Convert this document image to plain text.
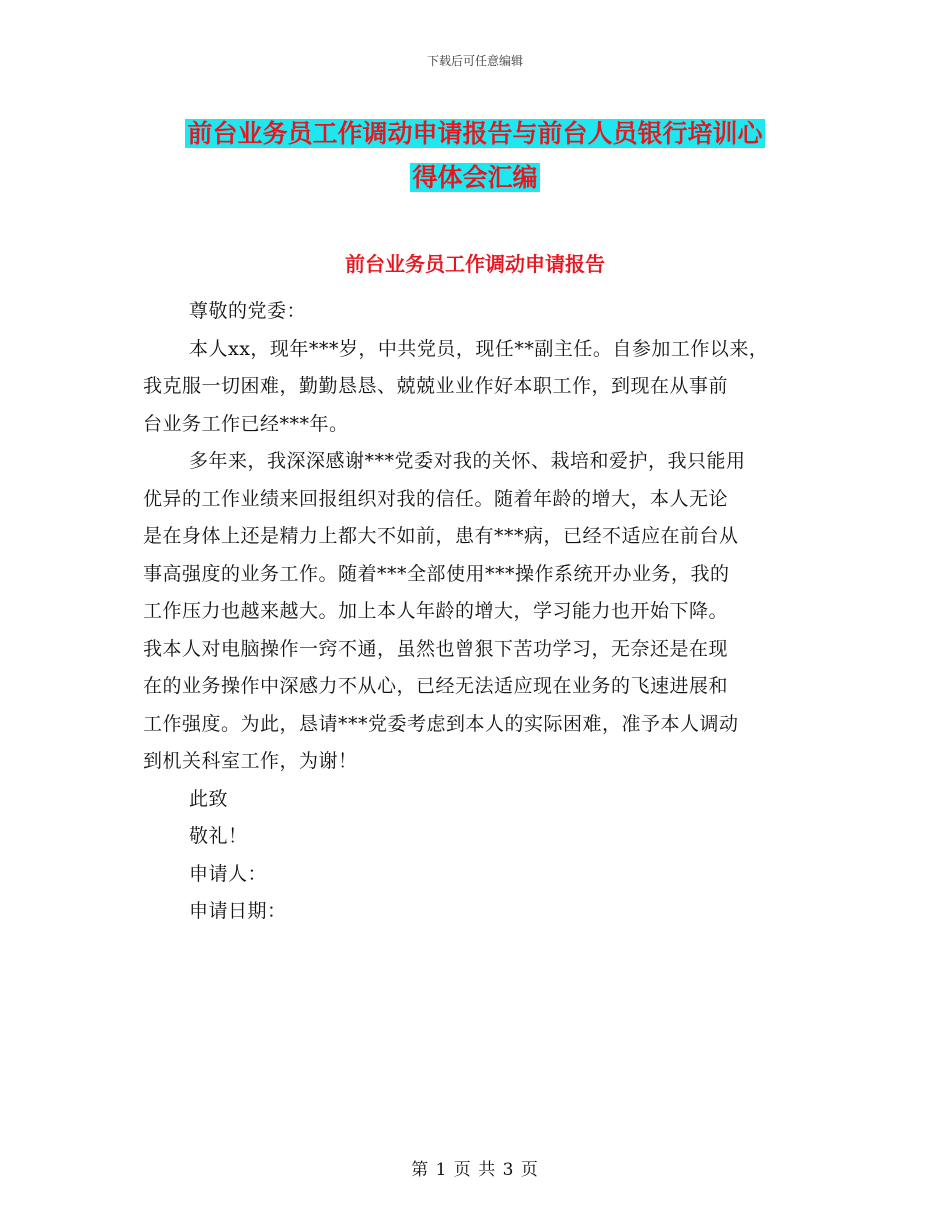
下载后可任意编辑
前台业务员工作调动申请报告与前台人员银行培训心
得体会汇编
前台业务员工作调动申请报告
尊敬的党委：
本人xx，现年***岁，中共党员，现任**副主任。自参加工作以来，
我克服一切困难，勤勤恳恳、兢兢业业作好本职工作，到现在从事前
台业务工作已经***年。
多年来，我深深感谢***党委对我的关怀、栽培和爱护，我只能用
优异的工作业绩来回报组织对我的信任。随着年龄的增大，本人无论
是在身体上还是精力上都大不如前，患有***病，已经不适应在前台从
事高强度的业务工作。随着***全部使用***操作系统开办业务，我的
工作压力也越来越大。加上本人年龄的增大，学习能力也开始下降。
我本人对电脑操作一窍不通，虽然也曾狠下苦功学习，无奈还是在现
在的业务操作中深感力不从心，已经无法适应现在业务的飞速进展和
工作强度。为此，恳请***党委考虑到本人的实际困难，准予本人调动
到机关科室工作，为谢！
此致
敬礼！
申请人：
申请日期：
第 1 页 共 3 页
